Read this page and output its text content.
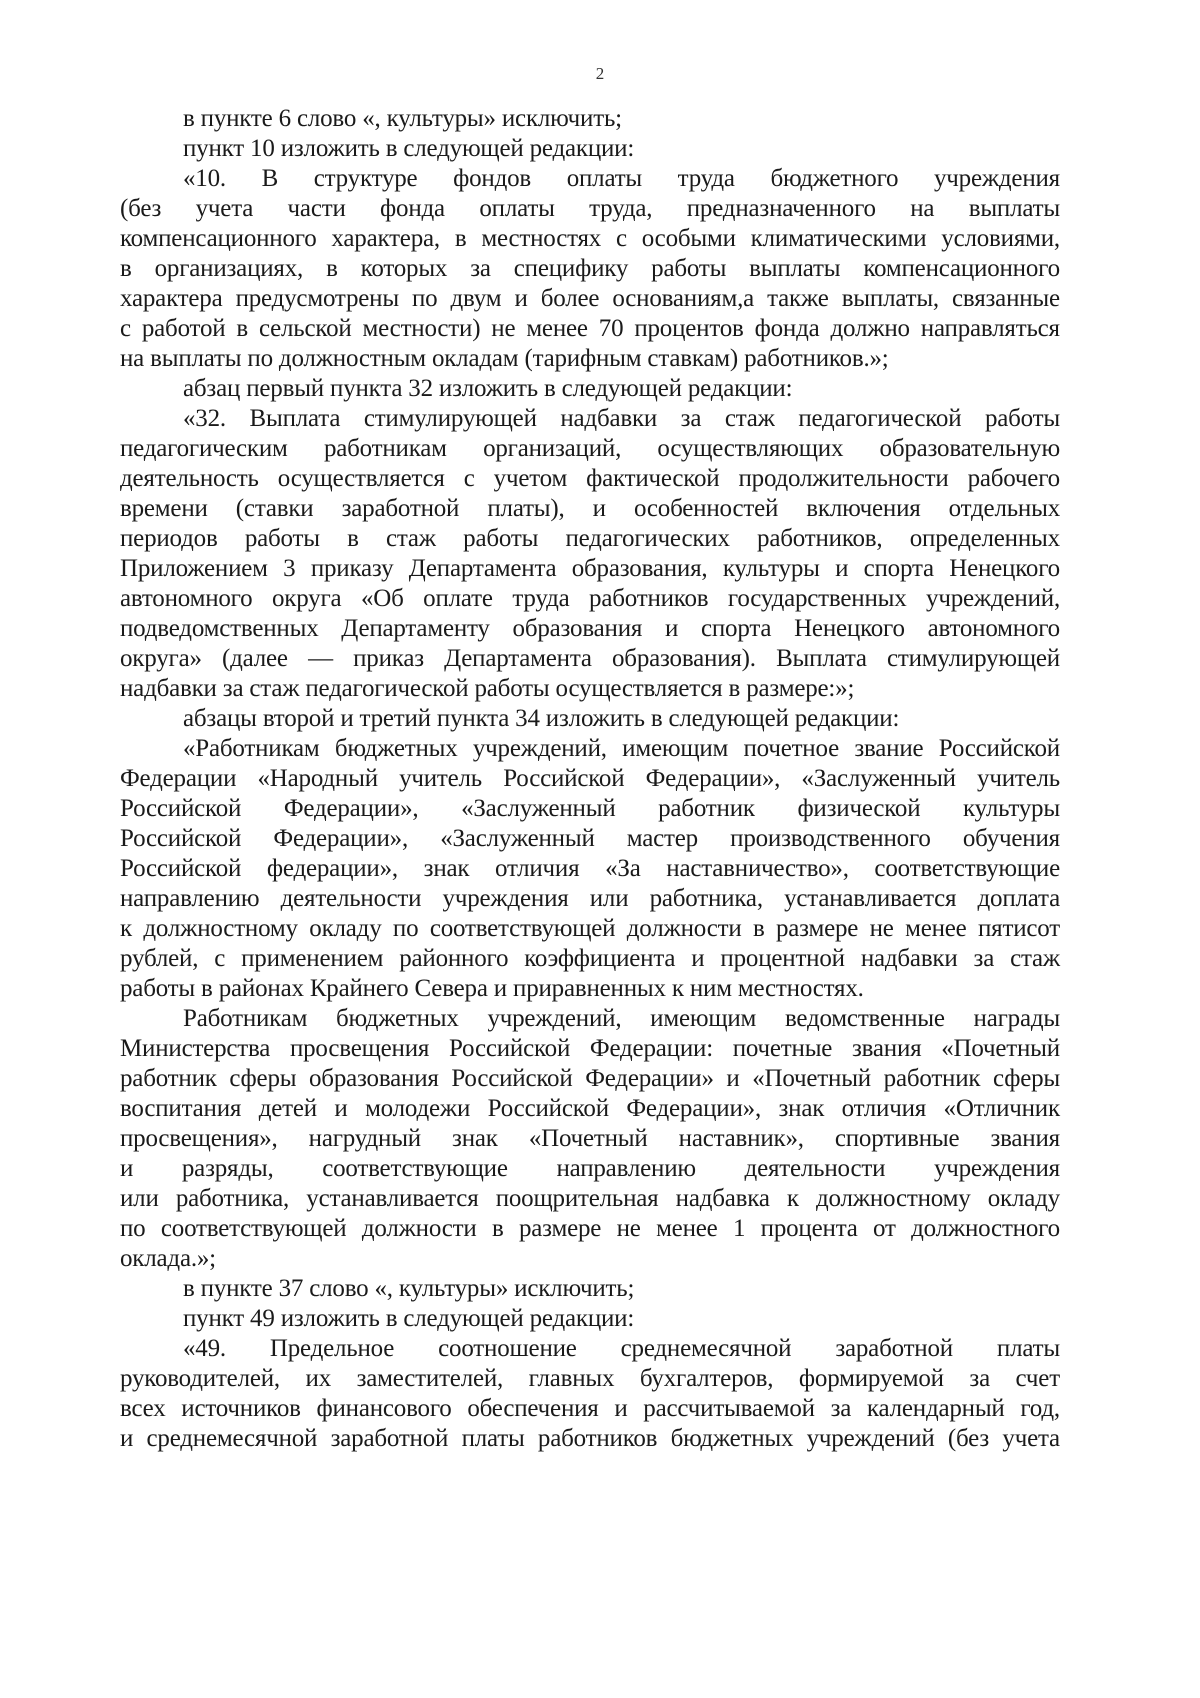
2
в пункте 6 слово «, культуры» исключить;
пункт 10 изложить в следующей редакции:
«10. В структуре фондов оплаты труда бюджетного учреждения
(без учета части фонда оплаты труда, предназначенного на выплаты
компенсационного характера, в местностях с особыми климатическими условиями,
в организациях, в которых за специфику работы выплаты компенсационного
характера предусмотрены по двум и более основаниям,а также выплаты, связанные
с работой в сельской местности) не менее 70 процентов фонда должно направляться
на выплаты по должностным окладам (тарифным ставкам) работников.»;
абзац первый пункта 32 изложить в следующей редакции:
«32. Выплата стимулирующей надбавки за стаж педагогической работы
педагогическим работникам организаций, осуществляющих образовательную
деятельность осуществляется с учетом фактической продолжительности рабочего
времени (ставки заработной платы), и особенностей включения отдельных
периодов работы в стаж работы педагогических работников, определенных
Приложением 3 приказу Департамента образования, культуры и спорта Ненецкого
автономного округа «Об оплате труда работников государственных учреждений,
подведомственных Департаменту образования и спорта Ненецкого автономного
округа» (далее — приказ Департамента образования). Выплата стимулирующей
надбавки за стаж педагогической работы осуществляется в размере:»;
абзацы второй и третий пункта 34 изложить в следующей редакции:
«Работникам бюджетных учреждений, имеющим почетное звание Российской
Федерации «Народный учитель Российской Федерации», «Заслуженный учитель
Российской Федерации», «Заслуженный работник физической культуры
Российской Федерации», «Заслуженный мастер производственного обучения
Российской федерации», знак отличия «За наставничество», соответствующие
направлению деятельности учреждения или работника, устанавливается доплата
к должностному окладу по соответствующей должности в размере не менее пятисот
рублей, с применением районного коэффициента и процентной надбавки за стаж
работы в районах Крайнего Севера и приравненных к ним местностях.
Работникам бюджетных учреждений, имеющим ведомственные награды
Министерства просвещения Российской Федерации: почетные звания «Почетный
работник сферы образования Российской Федерации» и «Почетный работник сферы
воспитания детей и молодежи Российской Федерации», знак отличия «Отличник
просвещения», нагрудный знак «Почетный наставник», спортивные звания
и разряды, соответствующие направлению деятельности учреждения
или работника, устанавливается поощрительная надбавка к должностному окладу
по соответствующей должности в размере не менее 1 процента от должностного
оклада.»;
в пункте 37 слово «, культуры» исключить;
пункт 49 изложить в следующей редакции:
«49. Предельное соотношение среднемесячной заработной платы
руководителей, их заместителей, главных бухгалтеров, формируемой за счет
всех источников финансового обеспечения и рассчитываемой за календарный год,
и среднемесячной заработной платы работников бюджетных учреждений (без учета
